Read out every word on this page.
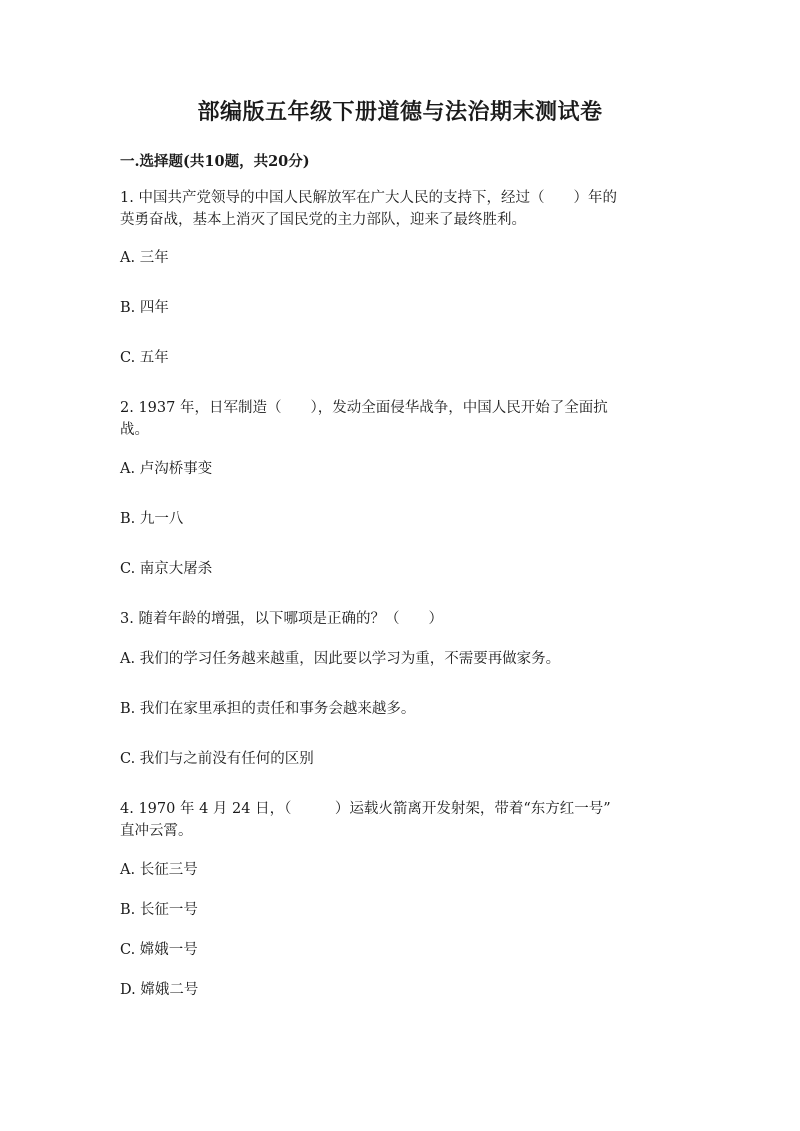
部编版五年级下册道德与法治期末测试卷
一.选择题(共10题，共20分)
1. 中国共产党领导的中国人民解放军在广大人民的支持下，经过（　　）年的
英勇奋战，基本上消灭了国民党的主力部队，迎来了最终胜利。
A. 三年
B. 四年
C. 五年
2. 1937 年，日军制造（　　），发动全面侵华战争，中国人民开始了全面抗
战。
A. 卢沟桥事变
B. 九一八
C. 南京大屠杀
3. 随着年龄的增强，以下哪项是正确的？（　　）
A. 我们的学习任务越来越重，因此要以学习为重，不需要再做家务。
B. 我们在家里承担的责任和事务会越来越多。
C. 我们与之前没有任何的区别
4. 1970 年 4 月 24 日，（　　　）运载火箭离开发射架，带着“东方红一号”
直冲云霄。
A. 长征三号
B. 长征一号
C. 嫦娥一号
D. 嫦娥二号
